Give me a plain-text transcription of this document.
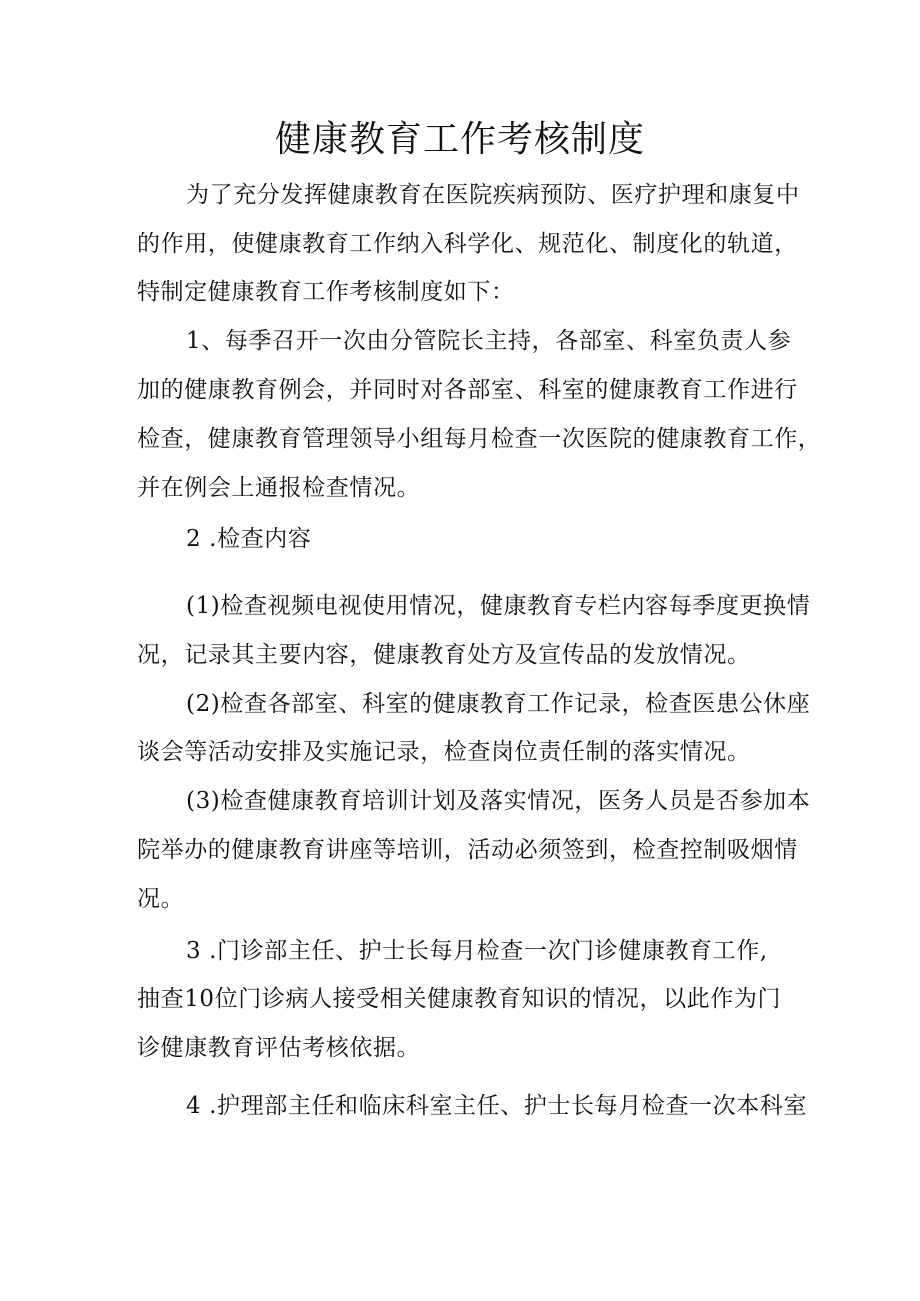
健康教育工作考核制度
为了充分发挥健康教育在医院疾病预防、医疗护理和康复中
的作用，使健康教育工作纳入科学化、规范化、制度化的轨道，
特制定健康教育工作考核制度如下：
1、每季召开一次由分管院长主持，各部室、科室负责人参
加的健康教育例会，并同时对各部室、科室的健康教育工作进行
检查，健康教育管理领导小组每月检查一次医院的健康教育工作，
并在例会上通报检查情况。
2 .检查内容
(1)检查视频电视使用情况，健康教育专栏内容每季度更换情
况，记录其主要内容，健康教育处方及宣传品的发放情况。
(2)检查各部室、科室的健康教育工作记录，检查医患公休座
谈会等活动安排及实施记录，检查岗位责任制的落实情况。
(3)检查健康教育培训计划及落实情况，医务人员是否参加本
院举办的健康教育讲座等培训，活动必须签到，检查控制吸烟情
况。
3 .门诊部主任、护士长每月检查一次门诊健康教育工作,
抽查10位门诊病人接受相关健康教育知识的情况，以此作为门
诊健康教育评估考核依据。
4 .护理部主任和临床科室主任、护士长每月检查一次本科室
